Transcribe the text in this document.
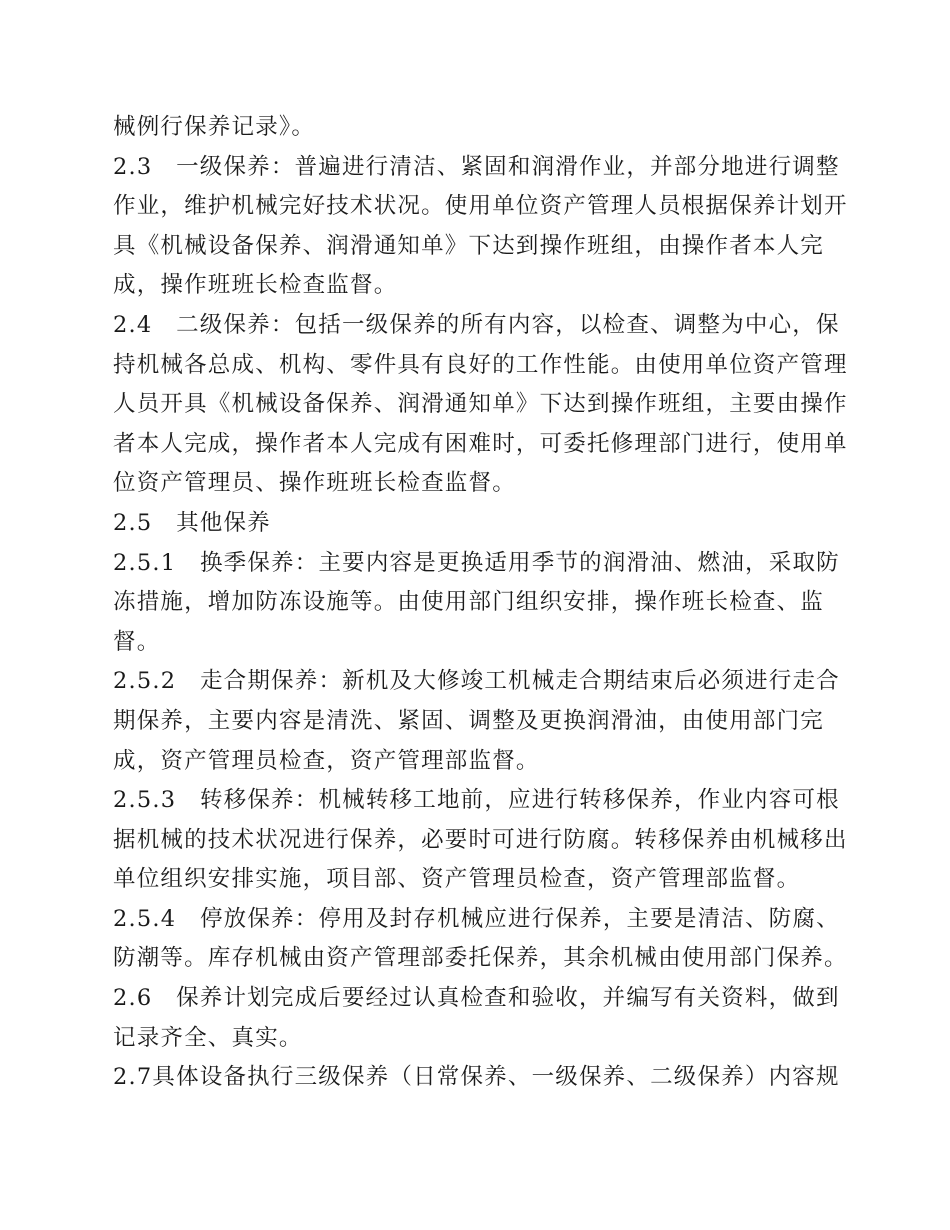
械例行保养记录》。
2.3　一级保养：普遍进行清洁、紧固和润滑作业，并部分地进行调整
作业，维护机械完好技术状况。使用单位资产管理人员根据保养计划开
具《机械设备保养、润滑通知单》下达到操作班组，由操作者本人完
成，操作班班长检查监督。
2.4　二级保养：包括一级保养的所有内容，以检查、调整为中心，保
持机械各总成、机构、零件具有良好的工作性能。由使用单位资产管理
人员开具《机械设备保养、润滑通知单》下达到操作班组，主要由操作
者本人完成，操作者本人完成有困难时，可委托修理部门进行，使用单
位资产管理员、操作班班长检查监督。
2.5　其他保养
2.5.1　换季保养：主要内容是更换适用季节的润滑油、燃油，采取防
冻措施，增加防冻设施等。由使用部门组织安排，操作班长检查、监
督。
2.5.2　走合期保养：新机及大修竣工机械走合期结束后必须进行走合
期保养，主要内容是清洗、紧固、调整及更换润滑油，由使用部门完
成，资产管理员检查，资产管理部监督。
2.5.3　转移保养：机械转移工地前，应进行转移保养，作业内容可根
据机械的技术状况进行保养，必要时可进行防腐。转移保养由机械移出
单位组织安排实施，项目部、资产管理员检查，资产管理部监督。
2.5.4　停放保养：停用及封存机械应进行保养，主要是清洁、防腐、
防潮等。库存机械由资产管理部委托保养，其余机械由使用部门保养。
2.6　保养计划完成后要经过认真检查和验收，并编写有关资料，做到
记录齐全、真实。
2.7具体设备执行三级保养（日常保养、一级保养、二级保养）内容规
